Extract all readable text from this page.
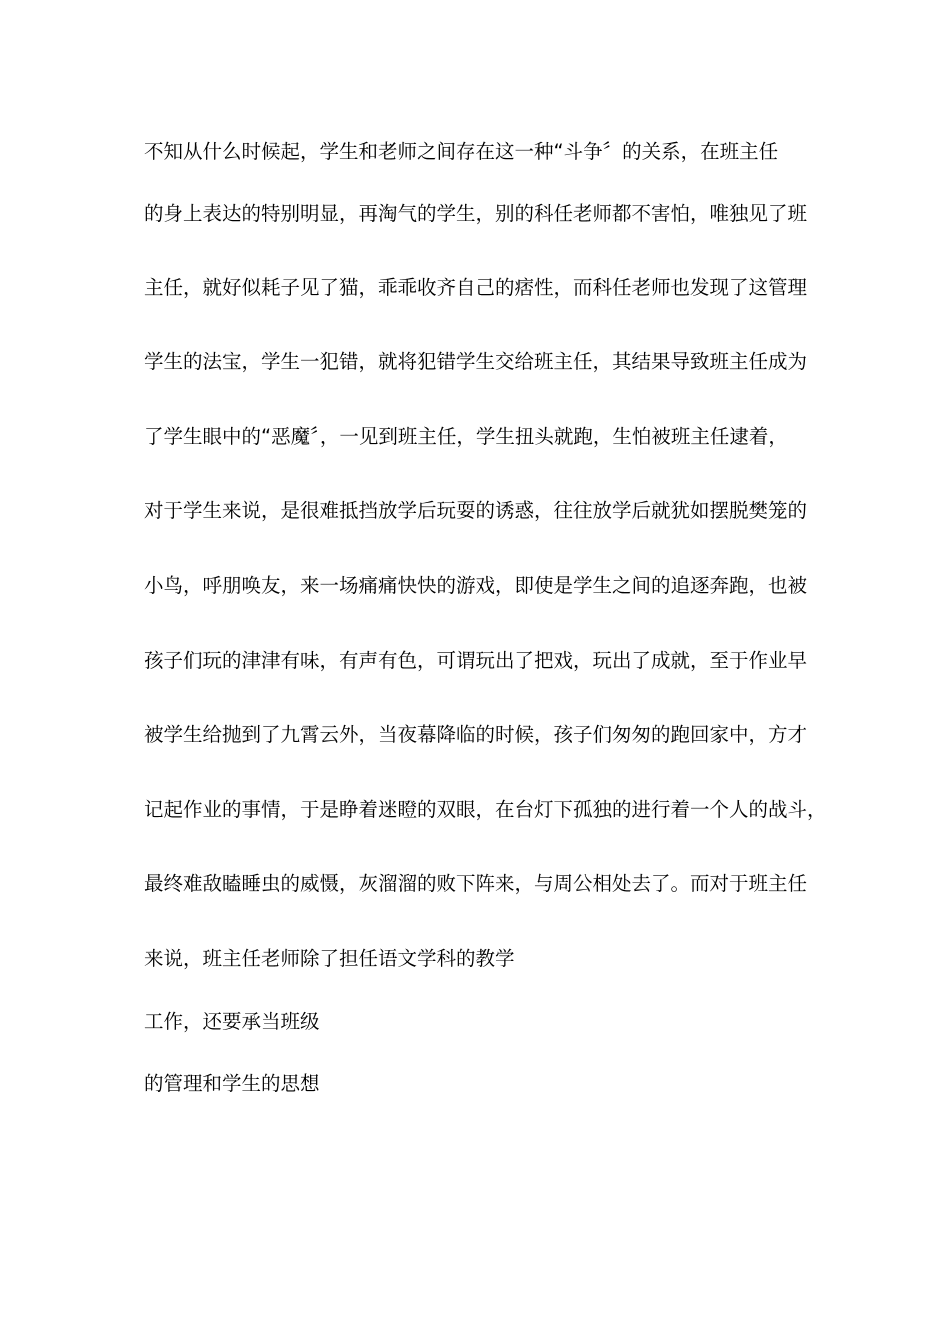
不知从什么时候起，学生和老师之间存在这一种“斗争〞的关系，在班主任
的身上表达的特别明显，再淘气的学生，别的科任老师都不害怕，唯独见了班
主任，就好似耗子见了猫，乖乖收齐自己的痞性，而科任老师也发现了这管理
学生的法宝，学生一犯错，就将犯错学生交给班主任，其结果导致班主任成为
了学生眼中的“恶魔〞，一见到班主任，学生扭头就跑，生怕被班主任逮着，
对于学生来说，是很难抵挡放学后玩耍的诱惑，往往放学后就犹如摆脱樊笼的
小鸟，呼朋唤友，来一场痛痛快快的游戏，即使是学生之间的追逐奔跑，也被
孩子们玩的津津有味，有声有色，可谓玩出了把戏，玩出了成就，至于作业早
被学生给抛到了九霄云外，当夜幕降临的时候，孩子们匆匆的跑回家中，方才
记起作业的事情，于是睁着迷瞪的双眼，在台灯下孤独的进行着一个人的战斗，
最终难敌瞌睡虫的威慑，灰溜溜的败下阵来，与周公相处去了。而对于班主任
来说，班主任老师除了担任语文学科的教学
工作，还要承当班级
的管理和学生的思想
